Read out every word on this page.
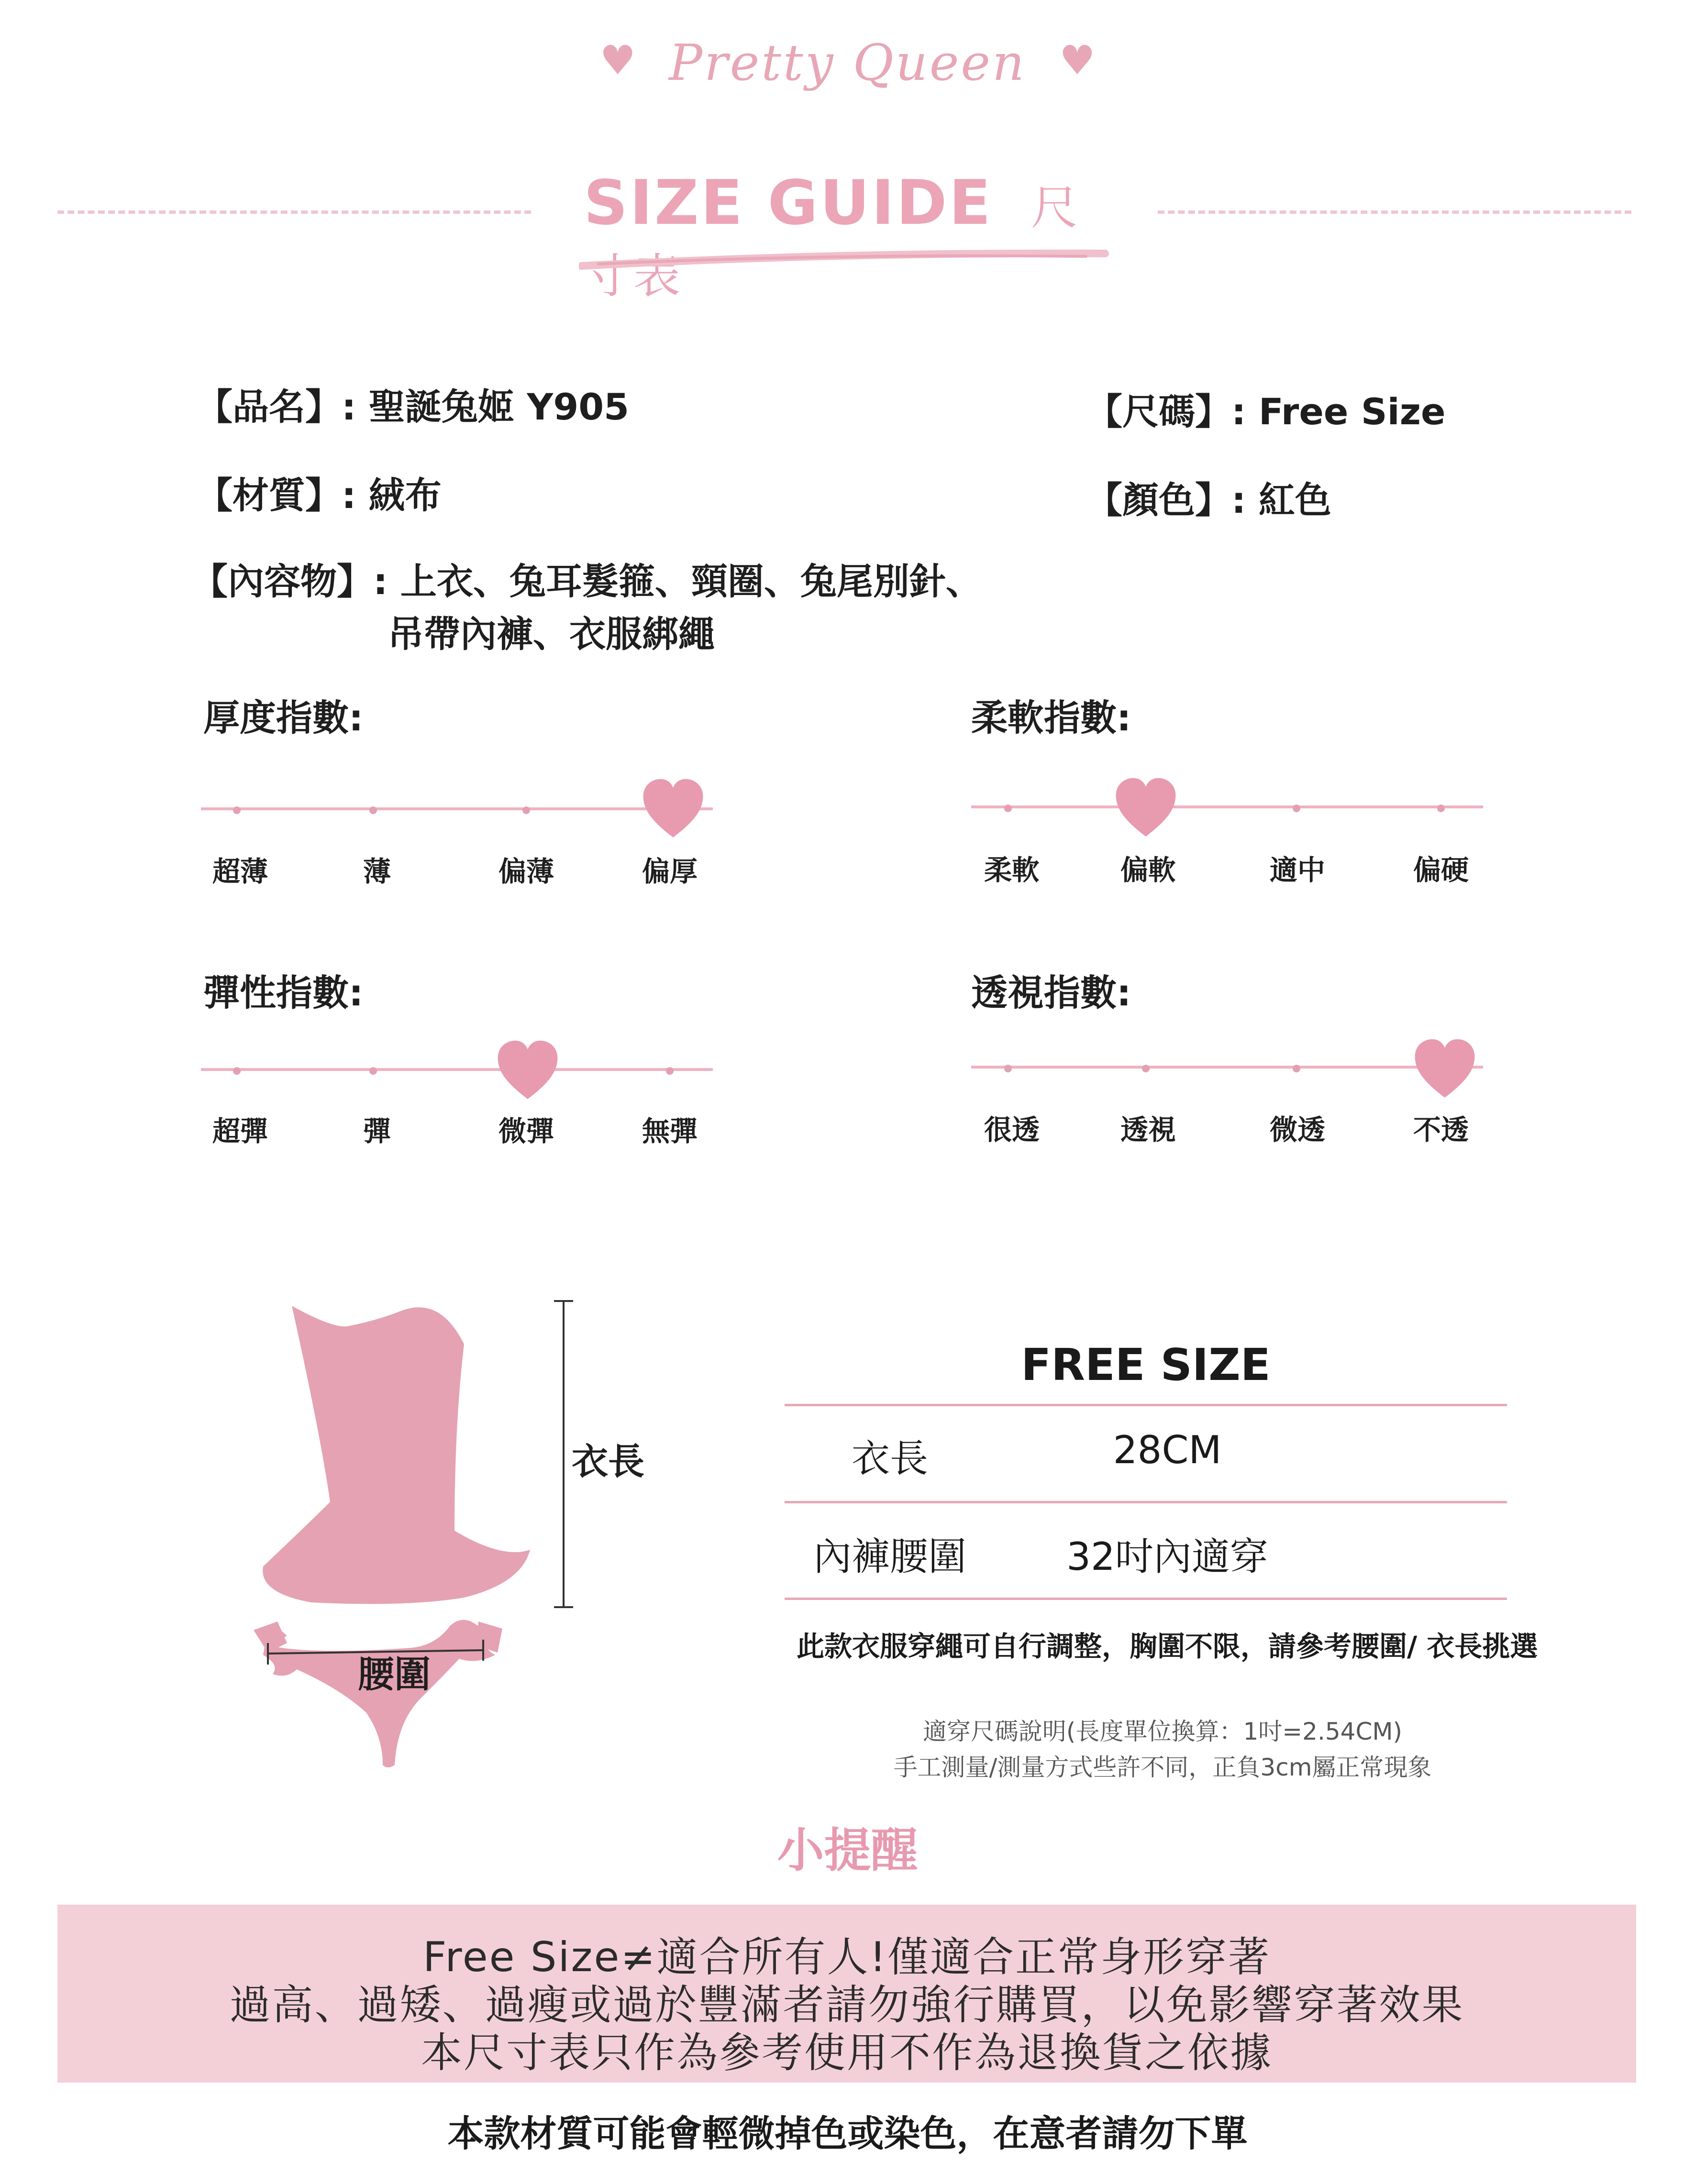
♥ Pretty Queen ♥
SIZE GUIDE 尺寸表
【品名】: 聖誕兔姬 Y905	【尺碼】: Free Size
【材質】: 絨布	【顏色】: 紅色
【內容物】: 上衣、兔耳髮箍、頸圈、兔尾別針、
吊帶內褲、衣服綁繩
厚度指數:
超薄	薄	偏薄	偏厚
柔軟指數:
柔軟	偏軟	適中	偏硬
彈性指數:
超彈	彈	微彈	無彈
透視指數:
很透	透視	微透	不透
衣長
腰圍
FREE SIZE
衣長	28CM
內褲腰圍	32吋內適穿
此款衣服穿繩可自行調整，胸圍不限，請參考腰圍/ 衣長挑選
適穿尺碼說明(長度單位換算：1吋=2.54CM)
手工測量/測量方式些許不同，正負3cm屬正常現象
小提醒
Free Size≠適合所有人!僅適合正常身形穿著
過高、過矮、過瘦或過於豐滿者請勿強行購買，以免影響穿著效果
本尺寸表只作為參考使用不作為退換貨之依據
本款材質可能會輕微掉色或染色，在意者請勿下單
